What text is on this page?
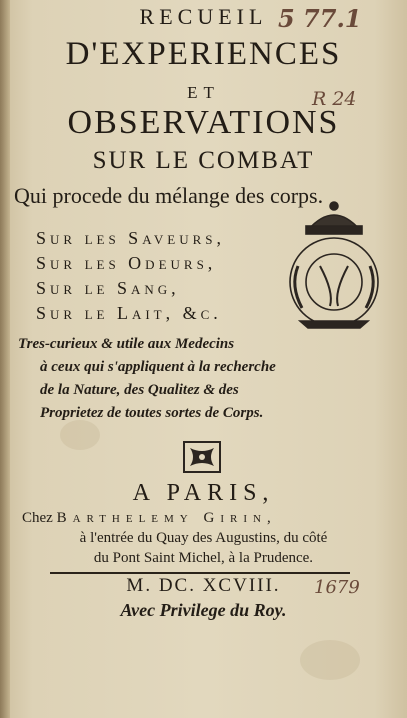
RECUEIL
D'EXPERIENCES
ET
OBSERVATIONS
SUR LE COMBAT
Qui procede du mélange des corps.
Sur les Saveurs,
Sur les Odeurs,
Sur le Sang,
Sur le Lait, &c.
Tres-curieux & utile aux Medecins
à ceux qui s'appliquent à la recherche
de la Nature, des Qualitez & des
Proprietez de toutes sortes de Corps.
A PARIS,
Chez Barthelemy Girin,
à l'entrée du Quay des Augustins, du côté
du Pont Saint Michel, à la Prudence.
M. DC. XCVIII.
Avec Privilege du Roy.
5 77.1
R 24
1679
